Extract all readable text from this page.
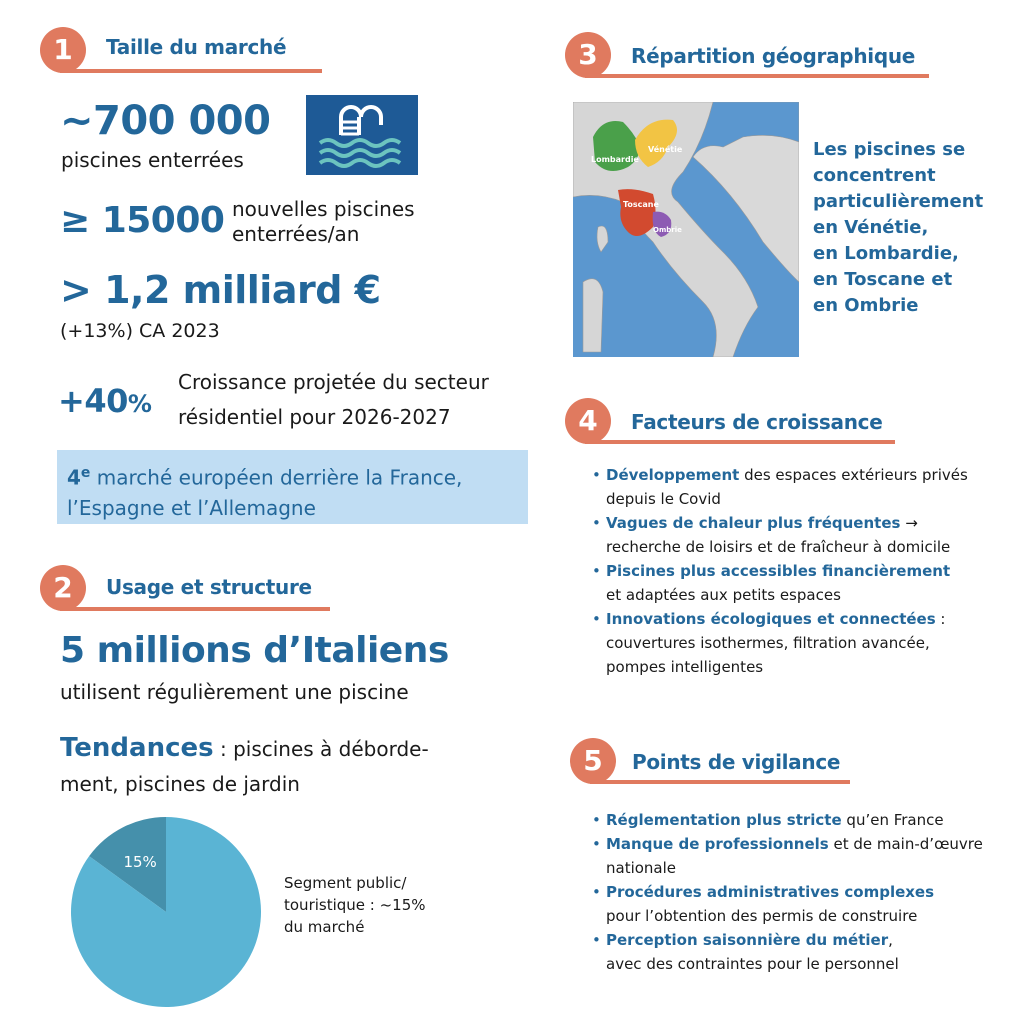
1	Taille du marché
~700 000
piscines enterrées
≥ 15000 nouvelles piscines
enterrées/an
> 1,2 milliard €
(+13%) CA 2023
+40%
Croissance projetée du secteur
résidentiel pour 2026-2027
4e marché européen derrière la France,
l’Espagne et l’Allemagne
2	Usage et structure
5 millions d’Italiens
utilisent régulièrement une piscine
Tendances : piscines à déborde-
ment, piscines de jardin
15%
Segment public/
touristique : ~15%
du marché
3	Répartition géographique
Lombardie
Vénétie
Toscane
Ombrie
Les piscines se
concentrent
particulièrement
en Vénétie,
en Lombardie,
en Toscane et
en Ombrie
4	Facteurs de croissance
• Développement des espaces extérieurs privés
depuis le Covid
• Vagues de chaleur plus fréquentes →
recherche de loisirs et de fraîcheur à domicile
• Piscines plus accessibles financièrement
et adaptées aux petits espaces
• Innovations écologiques et connectées :
couvertures isothermes, filtration avancée,
pompes intelligentes
5	Points de vigilance
• Réglementation plus stricte qu’en France
• Manque de professionnels et de main-d’œuvre
nationale
• Procédures administratives complexes
pour l’obtention des permis de construire
• Perception saisonnière du métier,
avec des contraintes pour le personnel
